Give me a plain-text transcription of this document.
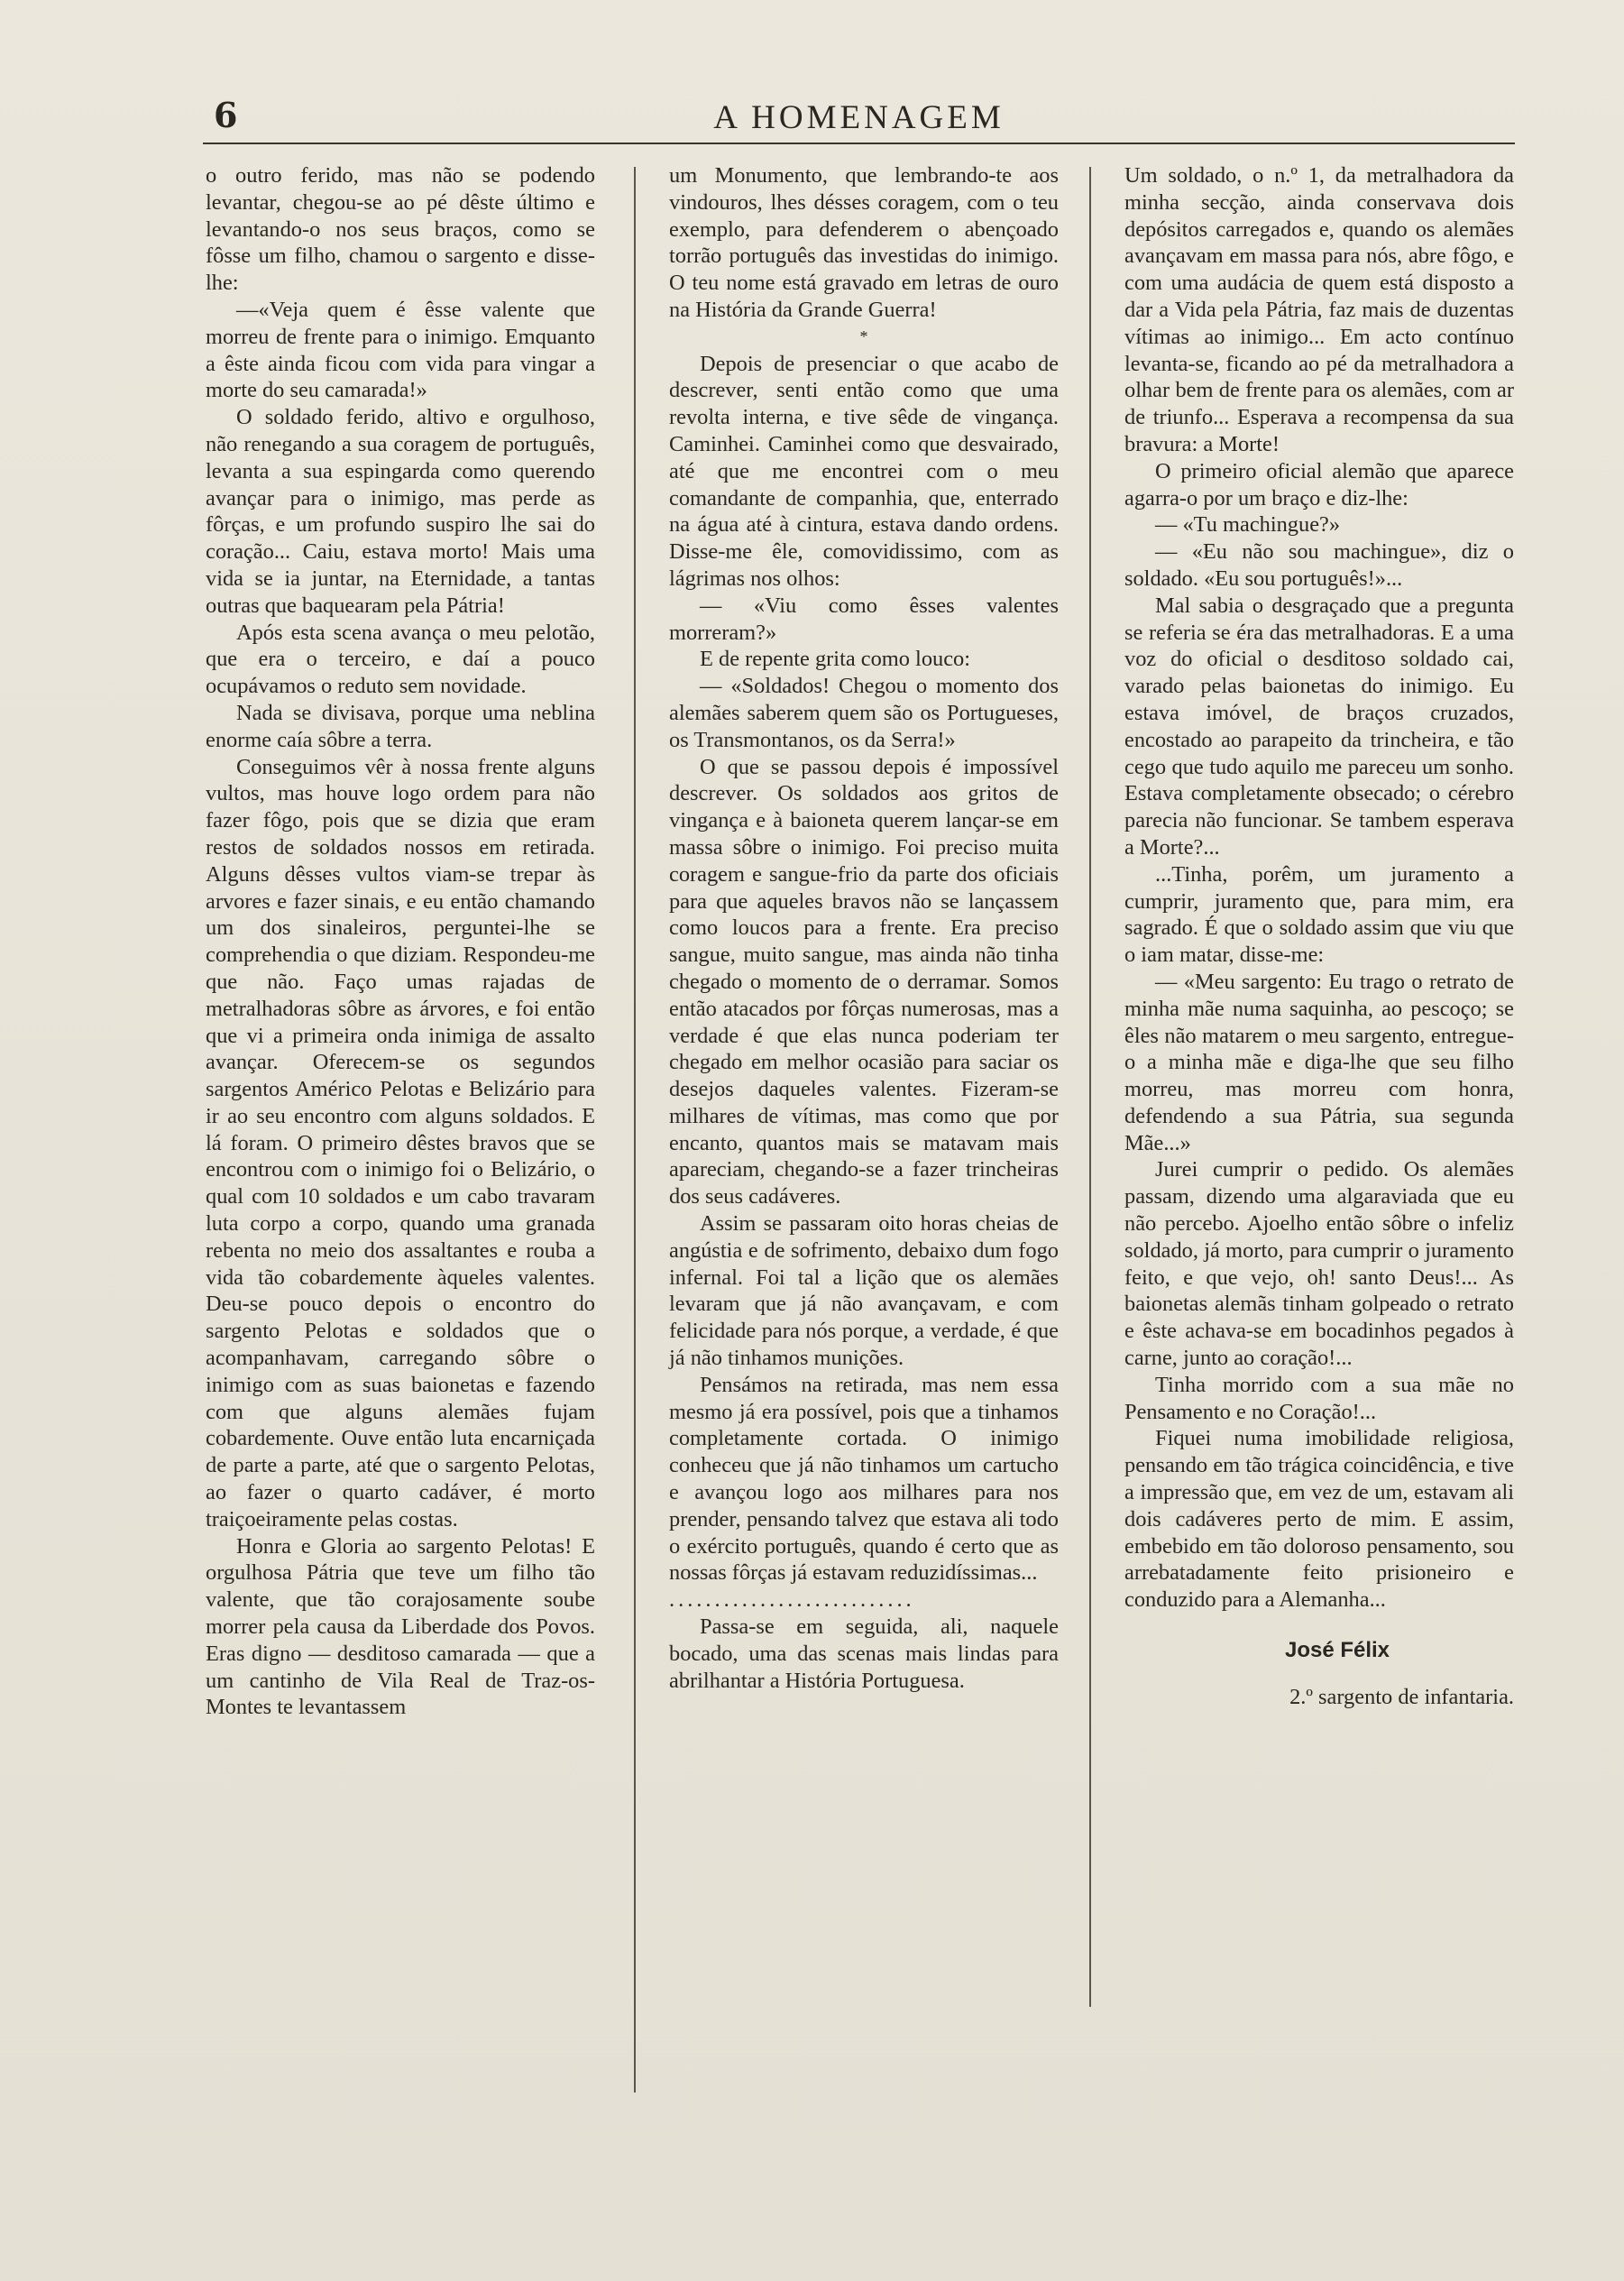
6	A HOMENAGEM

o outro ferido, mas não se podendo levantar, chegou-se ao pé dêste último e levantando-o nos seus braços, como se fôsse um filho, chamou o sargento e disse-lhe:

—«Veja quem é êsse valente que morreu de frente para o inimigo. Emquanto a êste ainda ficou com vida para vingar a morte do seu camarada!»

O soldado ferido, altivo e orgulhoso, não renegando a sua coragem de português, levanta a sua espingarda como querendo avançar para o inimigo, mas perde as fôrças, e um profundo suspiro lhe sai do coração... Caiu, estava morto! Mais uma vida se ia juntar, na Eternidade, a tantas outras que baquearam pela Pátria!

Após esta scena avança o meu pelotão, que era o terceiro, e daí a pouco ocupávamos o reduto sem novidade.

Nada se divisava, porque uma neblina enorme caía sôbre a terra.

Conseguimos vêr à nossa frente alguns vultos, mas houve logo ordem para não fazer fôgo, pois que se dizia que eram restos de soldados nossos em retirada. Alguns dêsses vultos viam-se trepar às arvores e fazer sinais, e eu então chamando um dos sinaleiros, perguntei-lhe se comprehendia o que diziam. Respondeu-me que não. Faço umas rajadas de metralhadoras sôbre as árvores, e foi então que vi a primeira onda inimiga de assalto avançar. Oferecem-se os segundos sargentos Américo Pelotas e Belizário para ir ao seu encontro com alguns soldados. E lá foram. O primeiro dêstes bravos que se encontrou com o inimigo foi o Belizário, o qual com 10 soldados e um cabo travaram luta corpo a corpo, quando uma granada rebenta no meio dos assaltantes e rouba a vida tão cobardemente àqueles valentes. Deu-se pouco depois o encontro do sargento Pelotas e soldados que o acompanhavam, carregando sôbre o inimigo com as suas baionetas e fazendo com que alguns alemães fujam cobardemente. Ouve então luta encarniçada de parte a parte, até que o sargento Pelotas, ao fazer o quarto cadáver, é morto traiçoeiramente pelas costas.

Honra e Gloria ao sargento Pelotas! E orgulhosa Pátria que teve um filho tão valente, que tão corajosamente soube morrer pela causa da Liberdade dos Povos. Eras digno — desditoso camarada — que a um cantinho de Vila Real de Traz-os-Montes te levantassem

um Monumento, que lembrando-te aos vindouros, lhes désses coragem, com o teu exemplo, para defenderem o abençoado torrão português das investidas do inimigo. O teu nome está gravado em letras de ouro na História da Grande Guerra!

*

Depois de presenciar o que acabo de descrever, senti então como que uma revolta interna, e tive sêde de vingança. Caminhei. Caminhei como que desvairado, até que me encontrei com o meu comandante de companhia, que, enterrado na água até à cintura, estava dando ordens. Disse-me êle, comovidissimo, com as lágrimas nos olhos:

— «Viu como êsses valentes morreram?»

E de repente grita como louco:

— «Soldados! Chegou o momento dos alemães saberem quem são os Portugueses, os Transmontanos, os da Serra!»

O que se passou depois é impossível descrever. Os soldados aos gritos de vingança e à baioneta querem lançar-se em massa sôbre o inimigo. Foi preciso muita coragem e sangue-frio da parte dos oficiais para que aqueles bravos não se lançassem como loucos para a frente. Era preciso sangue, muito sangue, mas ainda não tinha chegado o momento de o derramar. Somos então atacados por fôrças numerosas, mas a verdade é que elas nunca poderiam ter chegado em melhor ocasião para saciar os desejos daqueles valentes. Fizeram-se milhares de vítimas, mas como que por encanto, quantos mais se matavam mais apareciam, chegando-se a fazer trincheiras dos seus cadáveres.

Assim se passaram oito horas cheias de angústia e de sofrimento, debaixo dum fogo infernal. Foi tal a lição que os alemães levaram que já não avançavam, e com felicidade para nós porque, a verdade, é que já não tinhamos munições.

Pensámos na retirada, mas nem essa mesmo já era possível, pois que a tinhamos completamente cortada. O inimigo conheceu que já não tinhamos um cartucho e avançou logo aos milhares para nos prender, pensando talvez que estava ali todo o exército português, quando é certo que as nossas fôrças já estavam reduzidíssimas...

...........................

Passa-se em seguida, ali, naquele bocado, uma das scenas mais lindas para abrilhantar a História Portuguesa.

Um soldado, o n.º 1, da metralhadora da minha secção, ainda conservava dois depósitos carregados e, quando os alemães avançavam em massa para nós, abre fôgo, e com uma audácia de quem está disposto a dar a Vida pela Pátria, faz mais de duzentas vítimas ao inimigo... Em acto contínuo levanta-se, ficando ao pé da metralhadora a olhar bem de frente para os alemães, com ar de triunfo... Esperava a recompensa da sua bravura: a Morte!

O primeiro oficial alemão que aparece agarra-o por um braço e diz-lhe:

— «Tu machingue?»

— «Eu não sou machingue», diz o soldado. «Eu sou português!»...

Mal sabia o desgraçado que a pregunta se referia se éra das metralhadoras. E a uma voz do oficial o desditoso soldado cai, varado pelas baionetas do inimigo. Eu estava imóvel, de braços cruzados, encostado ao parapeito da trincheira, e tão cego que tudo aquilo me pareceu um sonho. Estava completamente obsecado; o cérebro parecia não funcionar. Se tambem esperava a Morte?...

...Tinha, porêm, um juramento a cumprir, juramento que, para mim, era sagrado. É que o soldado assim que viu que o iam matar, disse-me:

— «Meu sargento: Eu trago o retrato de minha mãe numa saquinha, ao pescoço; se êles não matarem o meu sargento, entregue-o a minha mãe e diga-lhe que seu filho morreu, mas morreu com honra, defendendo a sua Pátria, sua segunda Mãe...»

Jurei cumprir o pedido. Os alemães passam, dizendo uma algaraviada que eu não percebo. Ajoelho então sôbre o infeliz soldado, já morto, para cumprir o juramento feito, e que vejo, oh! santo Deus!... As baionetas alemãs tinham golpeado o retrato e êste achava-se em bocadinhos pegados à carne, junto ao coração!...

Tinha morrido com a sua mãe no Pensamento e no Coração!...

Fiquei numa imobilidade religiosa, pensando em tão trágica coincidência, e tive a impressão que, em vez de um, estavam ali dois cadáveres perto de mim. E assim, embebido em tão doloroso pensamento, sou arrebatadamente feito prisioneiro e conduzido para a Alemanha...

José Félix
2.º sargento de infantaria.
